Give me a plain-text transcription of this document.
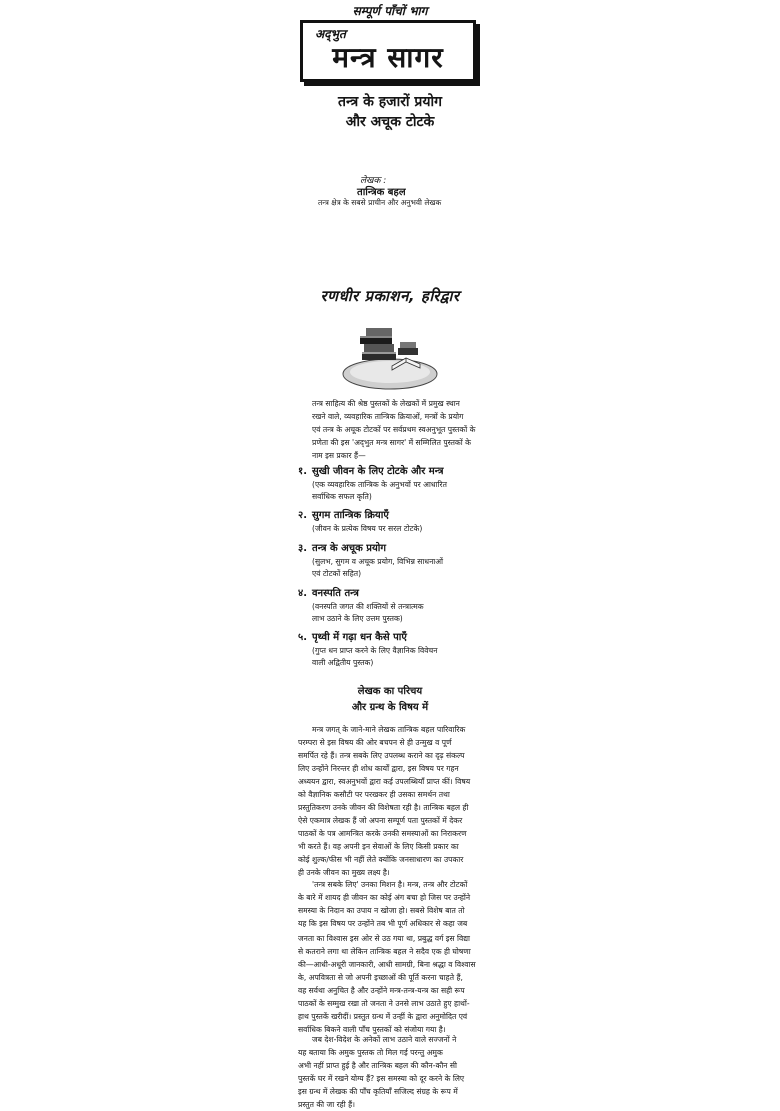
सम्पूर्ण पाँचों भाग
अद्‌भुत
मन्त्र सागर
तन्त्र के हजारों प्रयोग
और अचूक टोटके
लेखक :
तान्त्रिक बहल
तन्त्र क्षेत्र के सबसे प्राचीन और अनुभवी लेखक
रणधीर प्रकाशन, हरिद्वार
तन्त्र साहित्य की श्रेष्ठ पुस्तकों के लेखकों में प्रमुख स्थान
रखने वाले, व्यवहारिक तान्त्रिक क्रियाओं, मन्त्रों के प्रयोग
एवं तन्त्र के अचूक टोटकों पर सर्वप्रथम स्वअनुभूत पुस्तकों के
प्रणेता की इस 'अद्‌भुत मन्त्र सागर' में सम्मिलित पुस्तकों के
नाम इस प्रकार हैं—
१. सुखी जीवन के लिए टोटके और मन्त्र
(एक व्यवहारिक तान्त्रिक के अनुभवों पर आधारित
सर्वाधिक सफल कृति)
२. सुगम तान्त्रिक क्रियाएँ
(जीवन के प्रत्येक विषय पर सरल टोटके)
३. तन्त्र के अचूक प्रयोग
(सुलभ, सुगम व अचूक प्रयोग, विभिन्न साधनाओं
एवं टोटकों सहित)
४. वनस्पति तन्त्र
(वनस्पति जगत की शक्तियों से तन्त्रात्मक
लाभ उठाने के लिए उत्तम पुस्तक)
५. पृथ्वी में गढ़ा धन कैसे पाएँ
(गुप्त धन प्राप्त करने के लिए वैज्ञानिक विवेचन
वाली अद्वितीय पुस्तक)
लेखक का परिचय
और ग्रन्थ के विषय में
मन्त्र जगत् के जाने-माने लेखक तान्त्रिक बहल पारिवारिक
परम्परा से इस विषय की ओर बचपन से ही उन्मुख व पूर्ण
समर्पित रहे हैं। तन्त्र सबके लिए उपलब्ध कराने का दृढ़ संकल्प
लिए उन्होंने निरन्तर ही शोध कार्यों द्वारा, इस विषय पर गहन
अध्ययन द्वारा, स्वअनुभवों द्वारा कई उपलब्धियाँ प्राप्त कीं। विषय
को वैज्ञानिक कसौटी पर परखकर ही उसका समर्थन तथा
प्रस्तुतिकरण उनके जीवन की विशेषता रही है। तान्त्रिक बहल ही
ऐसे एकमात्र लेखक हैं जो अपना सम्पूर्ण पता पुस्तकों में देकर
पाठकों के पत्र आमन्त्रित करके उनकी समस्याओं का निराकरण
भी करते हैं। वह अपनी इन सेवाओं के लिए किसी प्रकार का
कोई शुल्क/फीस भी नहीं लेते क्योंकि जनसाधारण का उपकार
ही उनके जीवन का मुख्य लक्ष्य है।
'तन्त्र सबके लिए' उनका मिशन है। मन्त्र, तन्त्र और टोटकों
के बारे में शायद ही जीवन का कोई अंग बचा हो जिस पर उन्होंने
समस्या के निदान का उपाय न खोजा हो। सबसे विशेष बात तो
यह कि इस विषय पर उन्होंने तब भी पूर्ण अधिकार से कहा जब
जनता का विश्वास इस ओर से उठ गया था, प्रबुद्ध वर्ग इस विद्या
से कतराने लगा था लेकिन तान्त्रिक बहल ने सदैव एक ही घोषणा
की—आधी-अधूरी जानकारी, आधी सामग्री, बिना श्रद्धा व विश्वास
के, अपवित्रता से जो अपनी इच्छाओं की पूर्ति करना चाहते हैं,
वह सर्वथा अनुचित है और उन्होंने मन्त्र-तन्त्र-यन्त्र का सही रूप
पाठकों के सम्मुख रखा तो जनता ने उनसे लाभ उठाते हुए हाथों-
हाथ पुस्तकें खरीदीं। प्रस्तुत ग्रन्थ में उन्हीं के द्वारा अनुमोदित एवं
सर्वाधिक बिकने वाली पाँच पुस्तकों को संजोया गया है।
जब देश-विदेश के अनेकों लाभ उठाने वाले सज्जनों ने
यह बताया कि अमुक पुस्तक तो मिल गई परन्तु अमुक
अभी नहीं प्राप्त हुई है और तान्त्रिक बहल की कौन-कौन सी
पुस्तकें घर में रखने योग्य हैं? इस समस्या को दूर करने के लिए
इस ग्रन्थ में लेखक की पाँच कृतियाँ सजिल्द संग्रह के रूप में
प्रस्तुत की जा रही हैं।
